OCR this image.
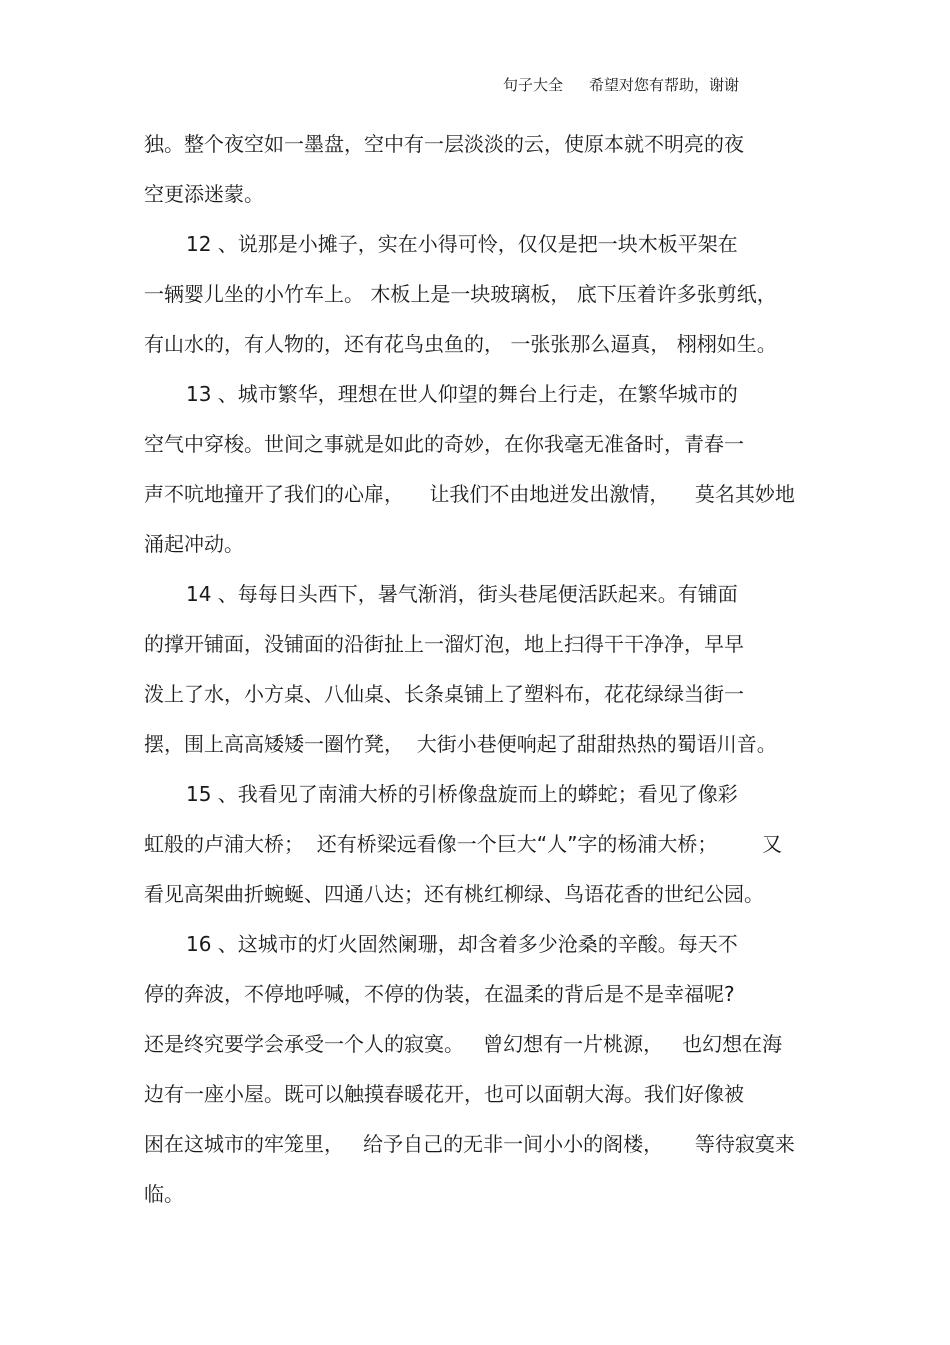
句子大全 希望对您有帮助，谢谢
独。整个夜空如一墨盘，空中有一层淡淡的云，使原本就不明亮的夜
空更添迷蒙。
12 、说那是小摊子，实在小得可怜，仅仅是把一块木板平架在
一辆婴儿坐的小竹车上。 木板上是一块玻璃板， 底下压着许多张剪纸，
有山水的，有人物的，还有花鸟虫鱼的， 一张张那么逼真， 栩栩如生。
13 、城市繁华，理想在世人仰望的舞台上行走，在繁华城市的
空气中穿梭。世间之事就是如此的奇妙，在你我毫无准备时，青春一
声不吭地撞开了我们的心扉，    让我们不由地迸发出激情，    莫名其妙地
涌起冲动。
14 、每每日头西下，暑气渐消，街头巷尾便活跃起来。有铺面
的撑开铺面，没铺面的沿街扯上一溜灯泡，地上扫得干干净净，早早
泼上了水，小方桌、八仙桌、长条桌铺上了塑料布，花花绿绿当街一
摆，围上高高矮矮一圈竹凳，  大街小巷便响起了甜甜热热的蜀语川音。
15 、我看见了南浦大桥的引桥像盘旋而上的蟒蛇；看见了像彩
虹般的卢浦大桥；  还有桥梁远看像一个巨大“人”字的杨浦大桥；       又
看见高架曲折蜿蜒、四通八达；还有桃红柳绿、鸟语花香的世纪公园。
16 、这城市的灯火固然阑珊，却含着多少沧桑的辛酸。每天不
停的奔波，不停地呼喊，不停的伪装，在温柔的背后是不是幸福呢?
还是终究要学会承受一个人的寂寞。   曾幻想有一片桃源，   也幻想在海
边有一座小屋。既可以触摸春暖花开，也可以面朝大海。我们好像被
困在这城市的牢笼里，   给予自己的无非一间小小的阁楼，     等待寂寞来
临。
